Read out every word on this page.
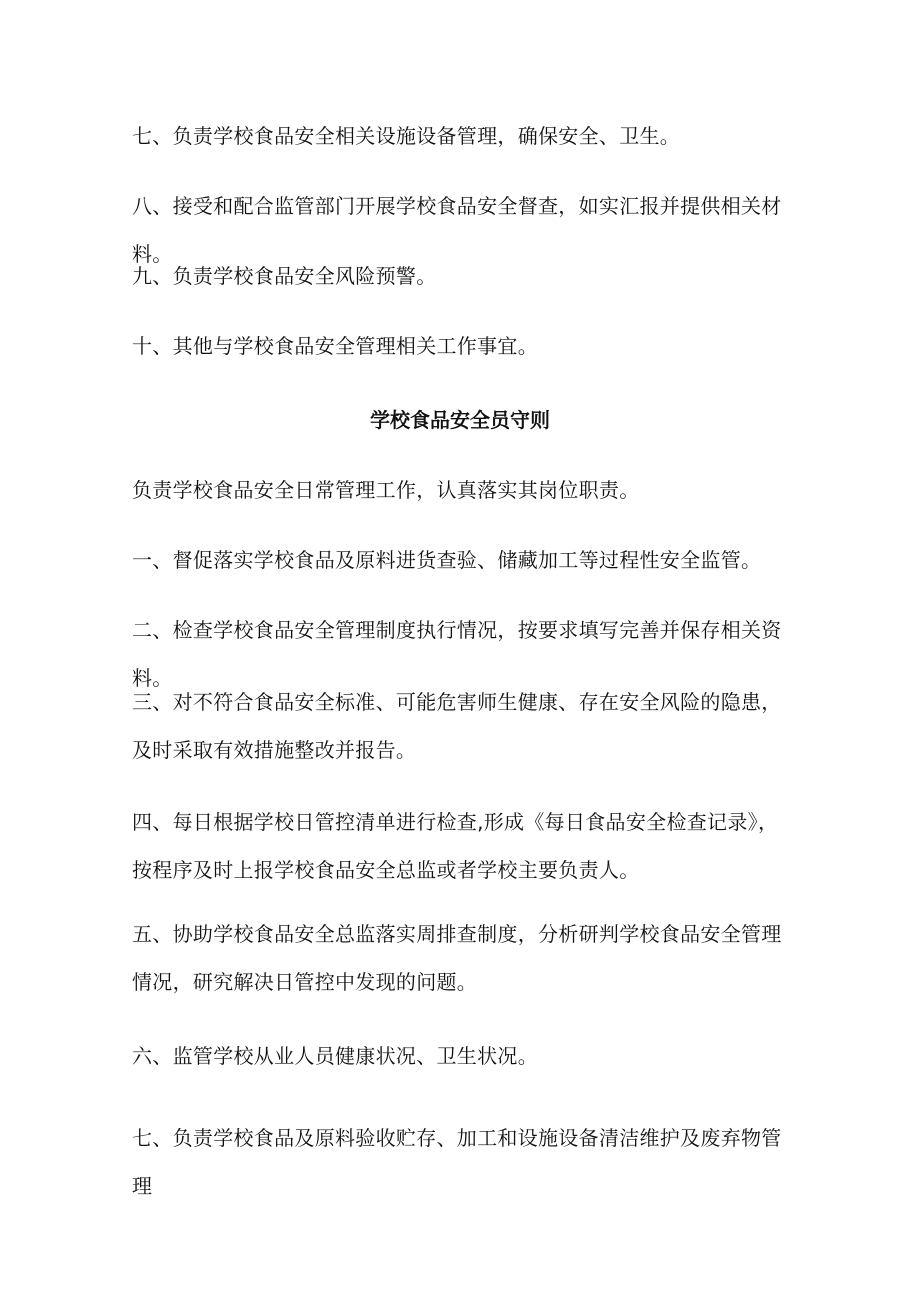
七、负责学校食品安全相关设施设备管理，确保安全、卫生。

八、接受和配合监管部门开展学校食品安全督查，如实汇报并提供相关材料。

九、负责学校食品安全风险预警。

十、其他与学校食品安全管理相关工作事宜。

学校食品安全员守则

负责学校食品安全日常管理工作，认真落实其岗位职责。

一、督促落实学校食品及原料进货查验、储藏加工等过程性安全监管。

二、检查学校食品安全管理制度执行情况，按要求填写完善并保存相关资料。

三、对不符合食品安全标准、可能危害师生健康、存在安全风险的隐患，及时采取有效措施整改并报告。

四、每日根据学校日管控清单进行检查,形成《每日食品安全检查记录》，按程序及时上报学校食品安全总监或者学校主要负责人。

五、协助学校食品安全总监落实周排查制度，分析研判学校食品安全管理情况，研究解决日管控中发现的问题。

六、监管学校从业人员健康状况、卫生状况。

七、负责学校食品及原料验收贮存、加工和设施设备清洁维护及废弃物管理
